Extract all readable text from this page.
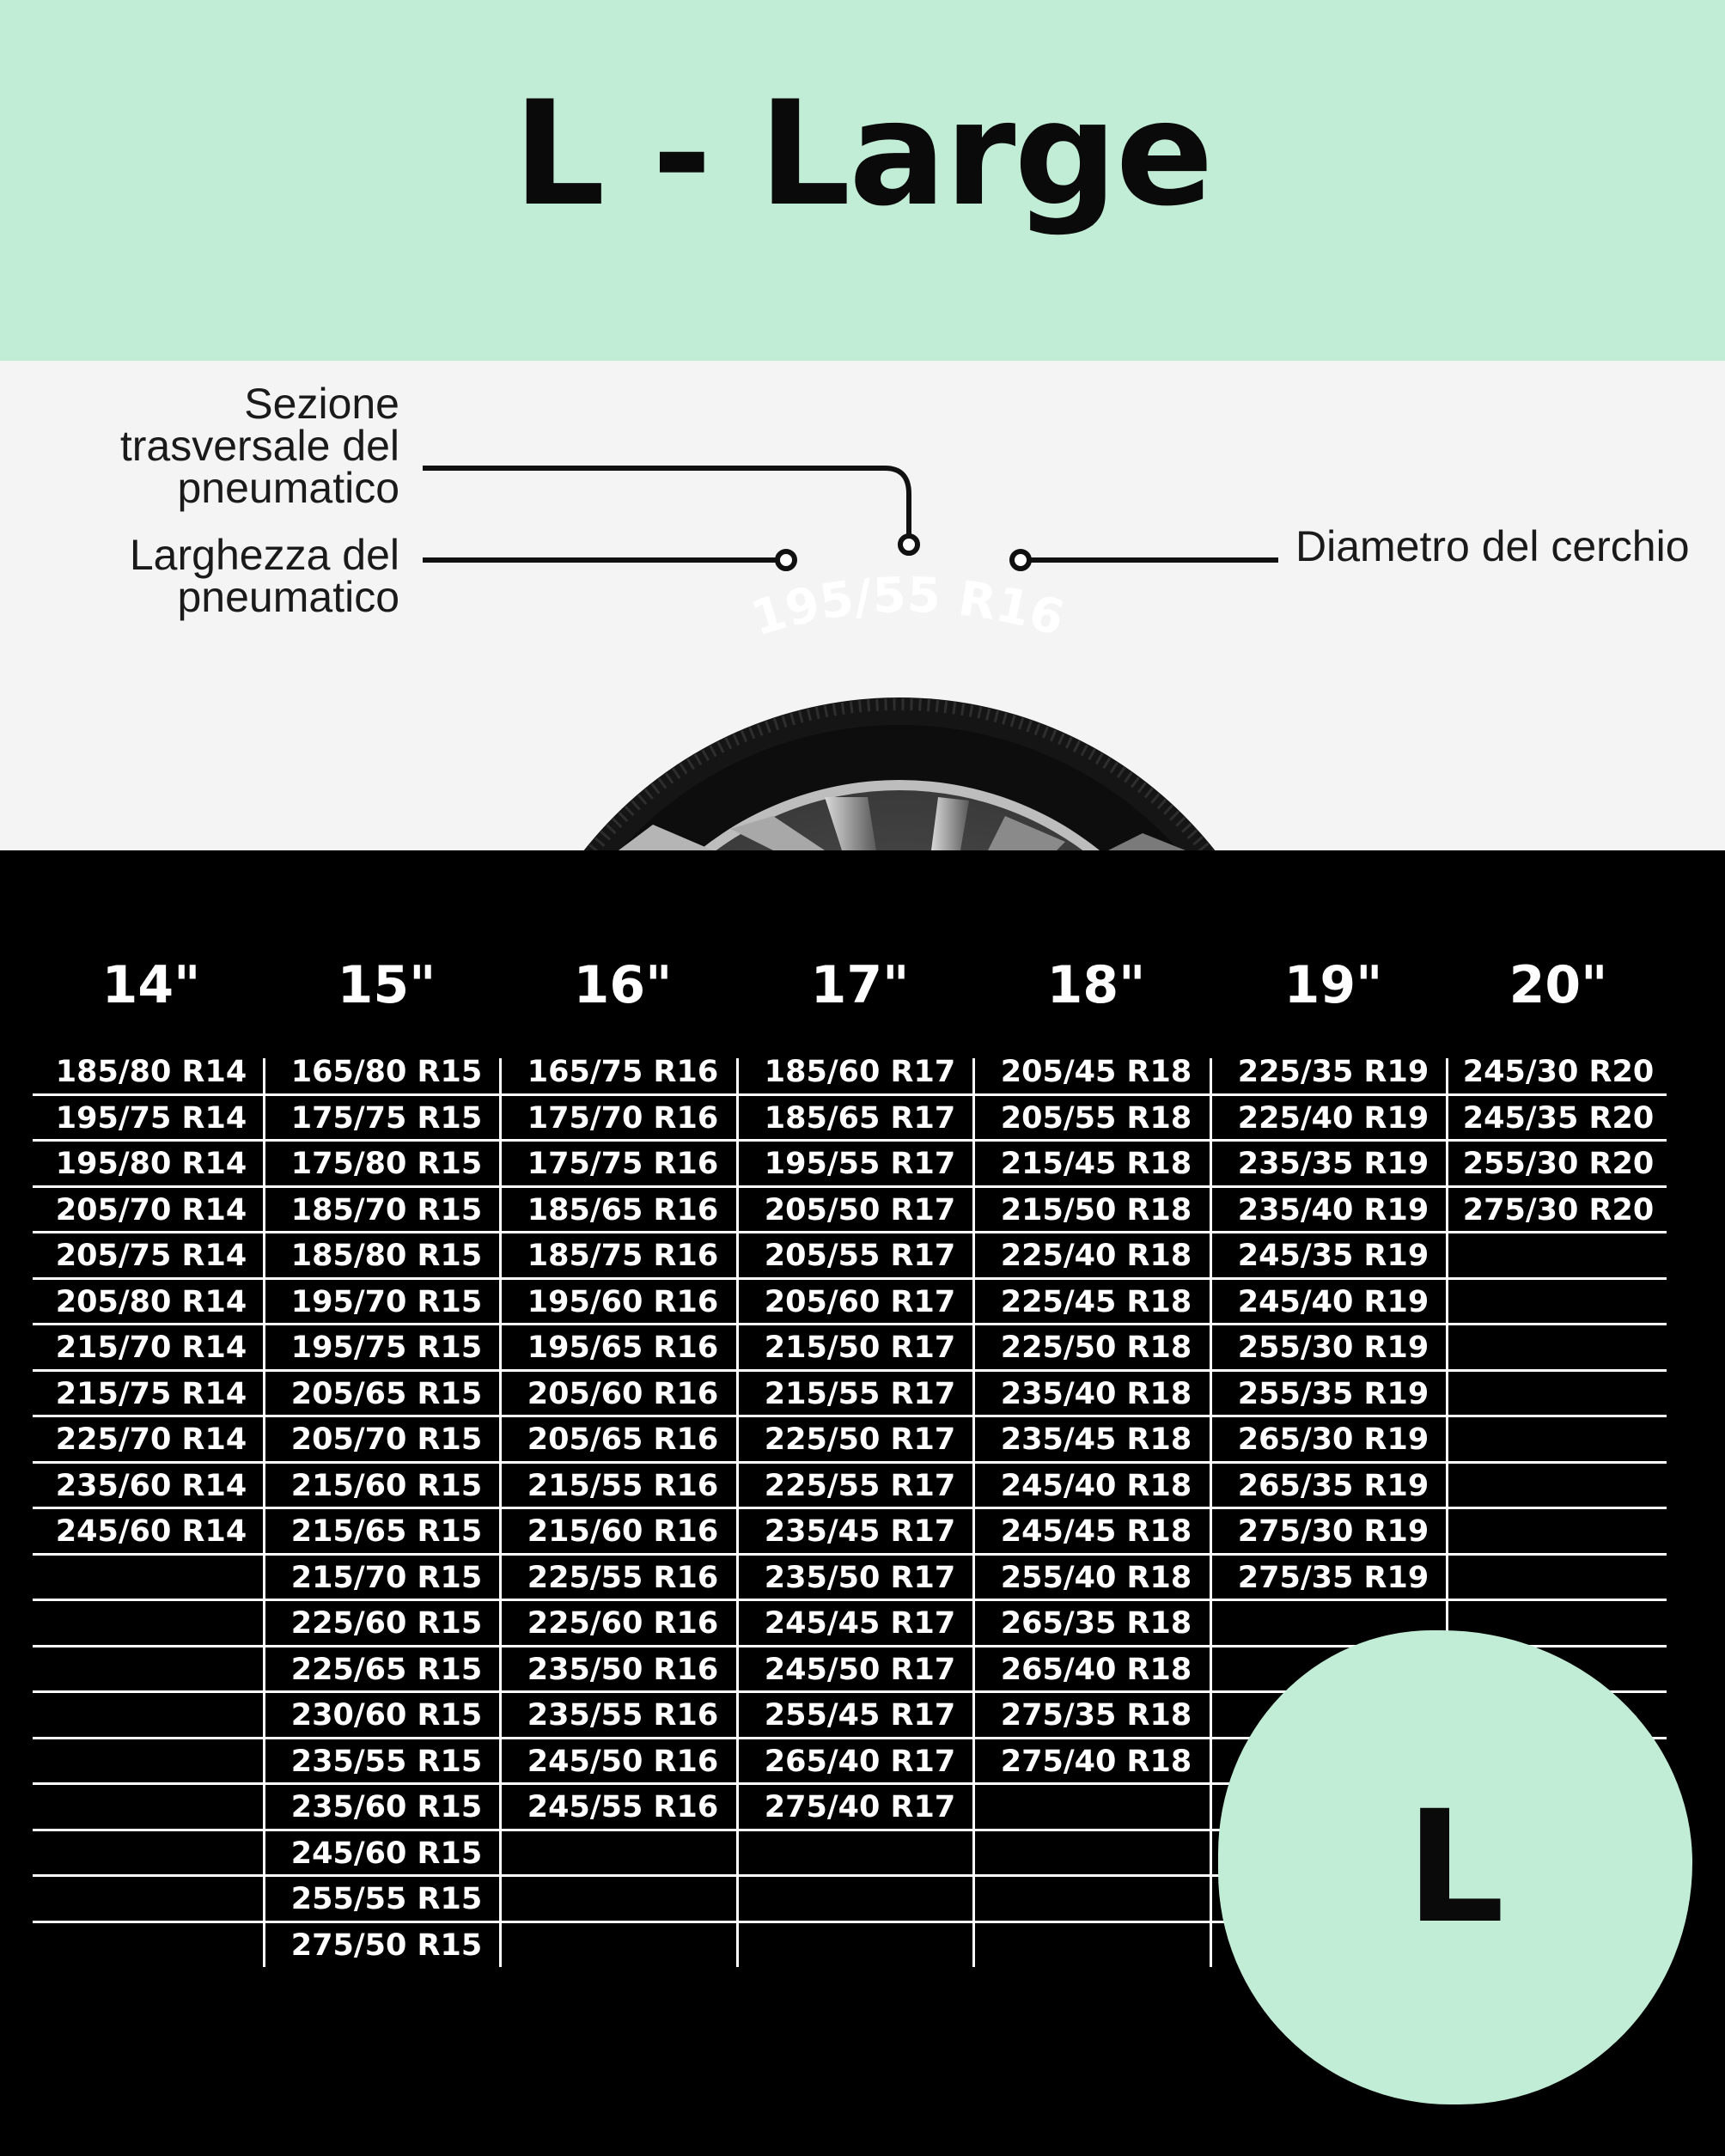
L - Large
195/55 R16
Sezione trasversale del pneumatico
Larghezza del pneumatico
Diametro del cerchio
14"
185/80 R14
195/75 R14
195/80 R14
205/70 R14
205/75 R14
205/80 R14
215/70 R14
215/75 R14
225/70 R14
235/60 R14
245/60 R14

15"
165/80 R15
175/75 R15
175/80 R15
185/70 R15
185/80 R15
195/70 R15
195/75 R15
205/65 R15
205/70 R15
215/60 R15
215/65 R15
215/70 R15
225/60 R15
225/65 R15
230/60 R15
235/55 R15
235/60 R15
245/60 R15
255/55 R15
275/50 R15
16"
165/75 R16
175/70 R16
175/75 R16
185/65 R16
185/75 R16
195/60 R16
195/65 R16
205/60 R16
205/65 R16
215/55 R16
215/60 R16
225/55 R16
225/60 R16
235/50 R16
235/55 R16
245/50 R16
245/55 R16

17"
185/60 R17
185/65 R17
195/55 R17
205/50 R17
205/55 R17
205/60 R17
215/50 R17
215/55 R17
225/50 R17
225/55 R17
235/45 R17
235/50 R17
245/45 R17
245/50 R17
255/45 R17
265/40 R17
275/40 R17

18"
205/45 R18
205/55 R18
215/45 R18
215/50 R18
225/40 R18
225/45 R18
225/50 R18
235/40 R18
235/45 R18
245/40 R18
245/45 R18
255/40 R18
265/35 R18
265/40 R18
275/35 R18
275/40 R18

19"
225/35 R19
225/40 R19
235/35 R19
235/40 R19
245/35 R19
245/40 R19
255/30 R19
255/35 R19
265/30 R19
265/35 R19
275/30 R19
275/35 R19

20"
245/30 R20
245/35 R20
255/30 R20
275/30 R20

L
